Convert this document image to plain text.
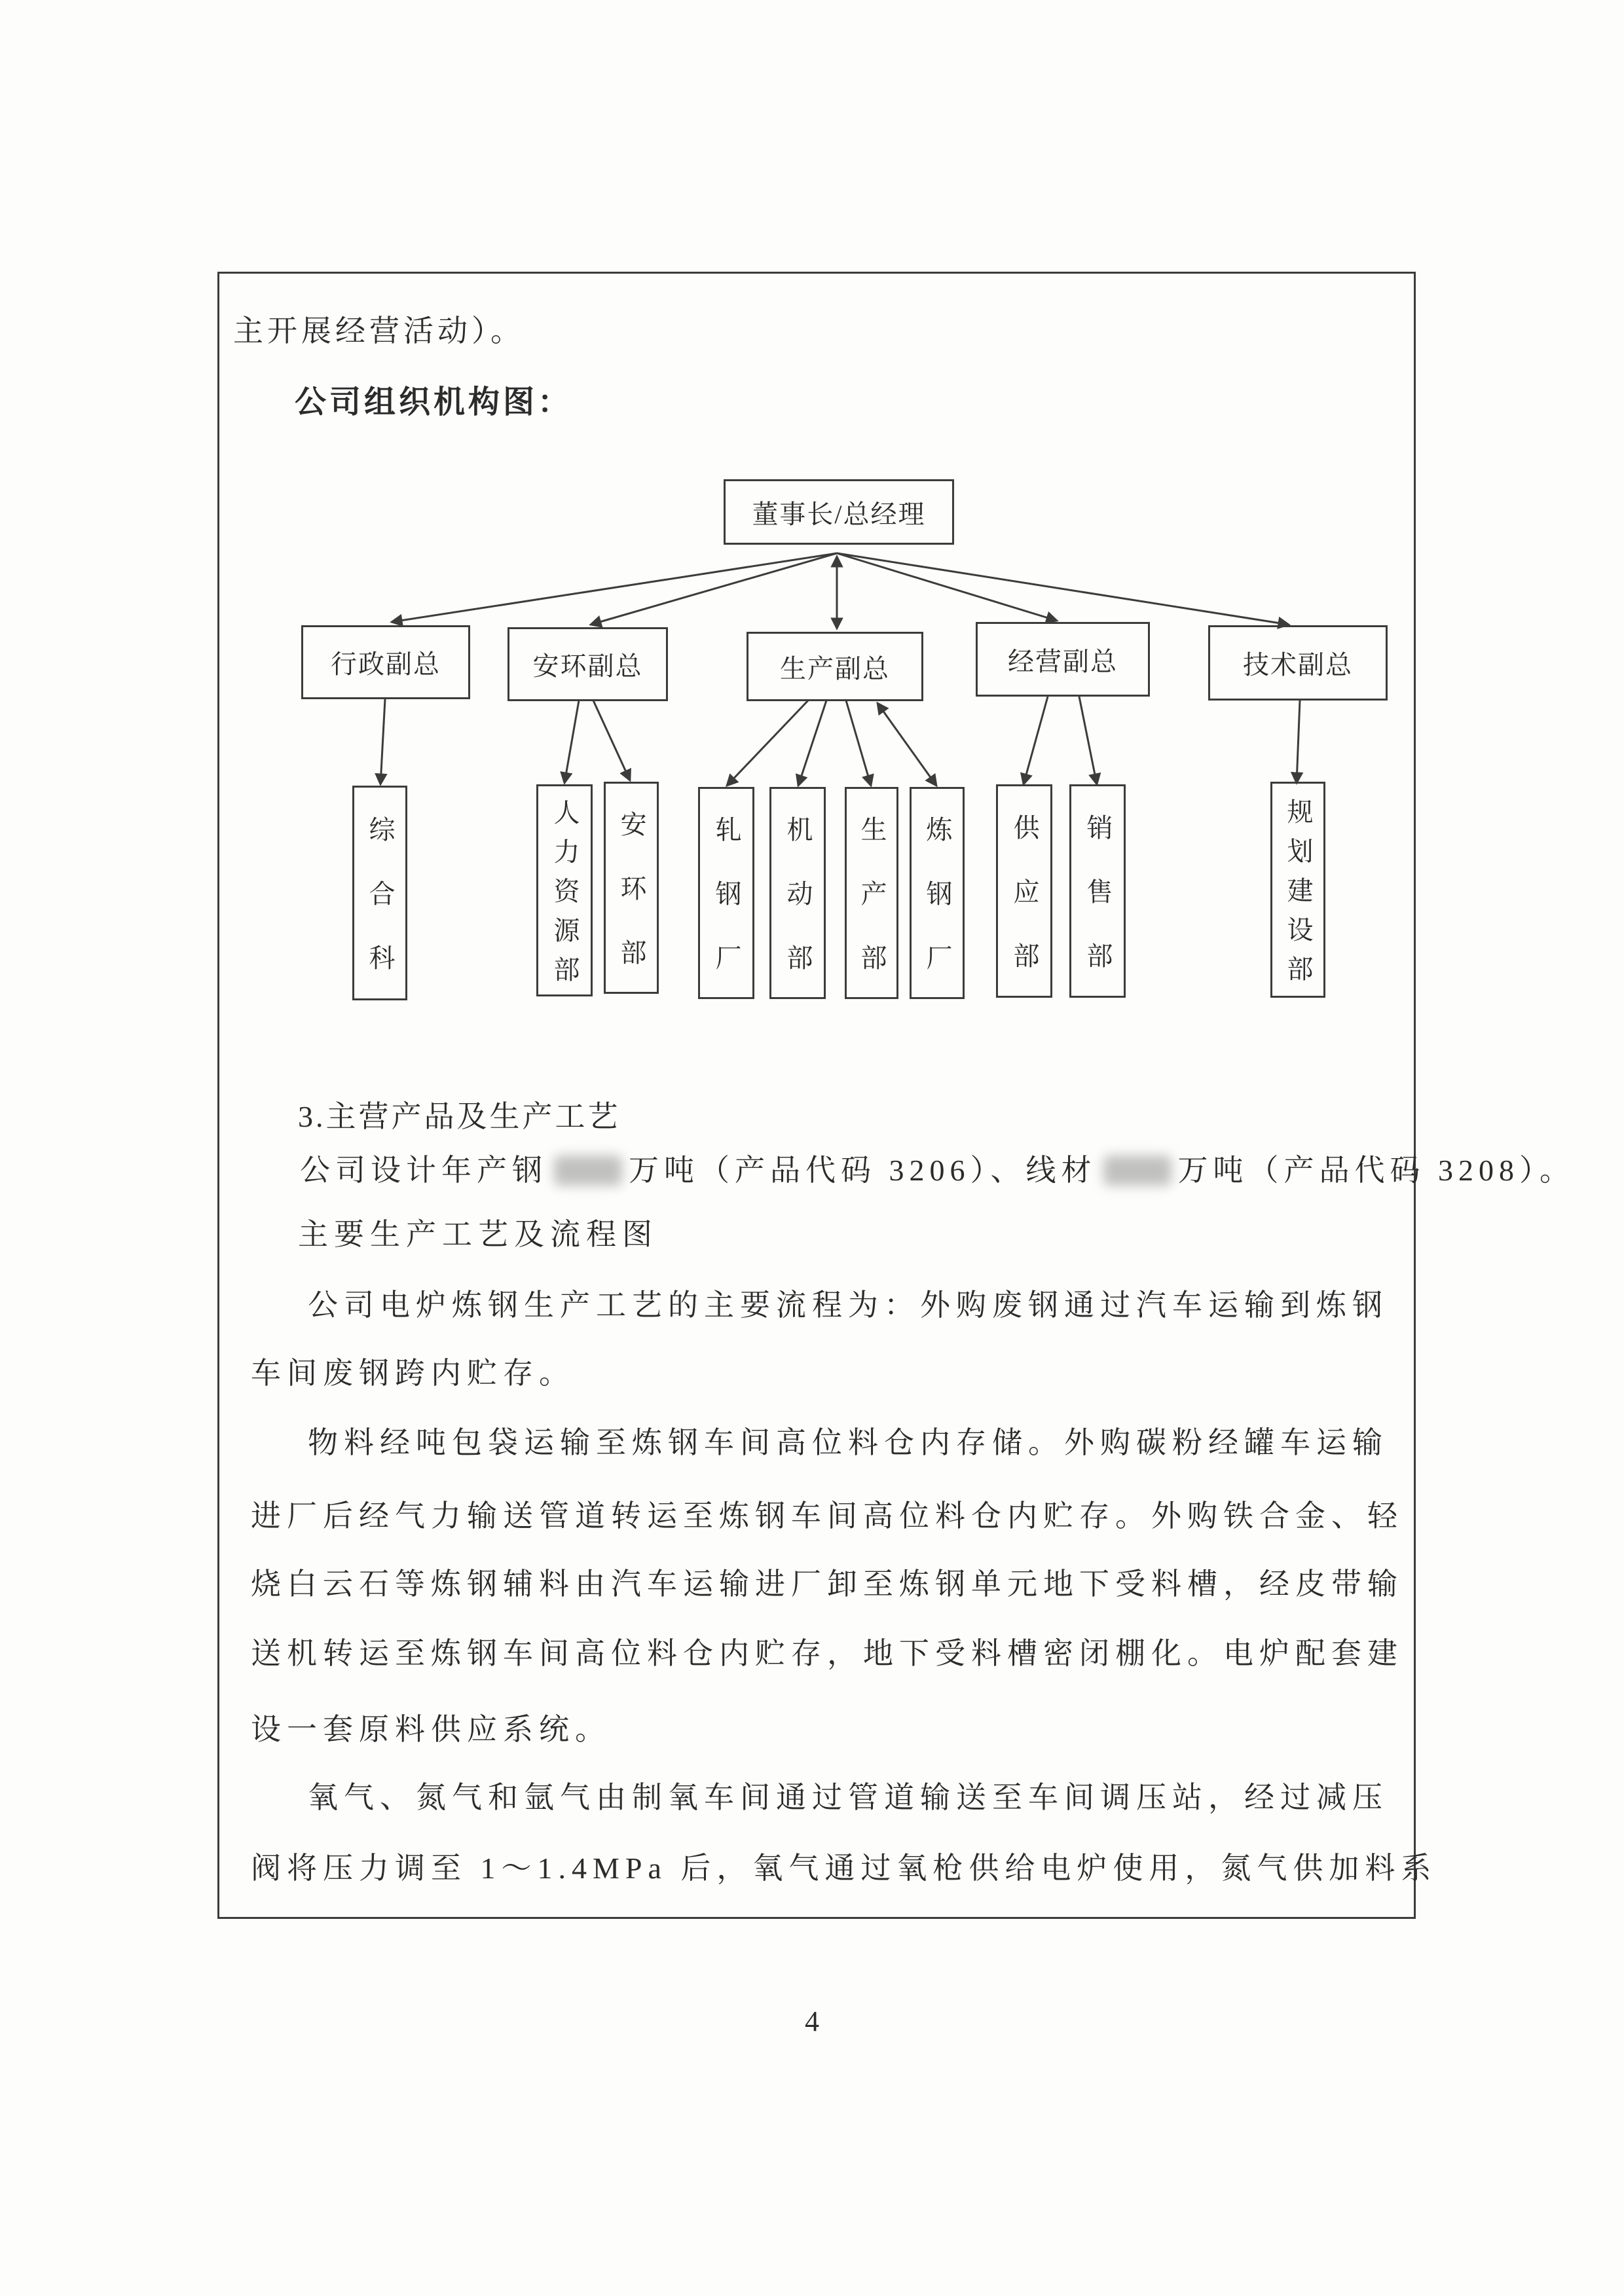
主开展经营活动）。
公司组织机构图：
董事长/总经理
行政副总	安环副总	生产副总	经营副总	技术副总
综合科	人力资源部 安环部	轧钢厂 机动部 生产部 炼钢厂 供应部 销售部	规划建设部
3.主营产品及生产工艺
公司设计年产钢	万吨（产品代码 3206）、线材	万吨（产品代码 3208）。
主要生产工艺及流程图
公司电炉炼钢生产工艺的主要流程为：外购废钢通过汽车运输到炼钢
车间废钢跨内贮存。
物料经吨包袋运输至炼钢车间高位料仓内存储。外购碳粉经罐车运输
进厂后经气力输送管道转运至炼钢车间高位料仓内贮存。外购铁合金、轻
烧白云石等炼钢辅料由汽车运输进厂卸至炼钢单元地下受料槽，经皮带输
送机转运至炼钢车间高位料仓内贮存，地下受料槽密闭棚化。电炉配套建
设一套原料供应系统。
氧气、氮气和氩气由制氧车间通过管道输送至车间调压站，经过减压
阀将压力调至 1～1.4MPa 后，氧气通过氧枪供给电炉使用，氮气供加料系
4
